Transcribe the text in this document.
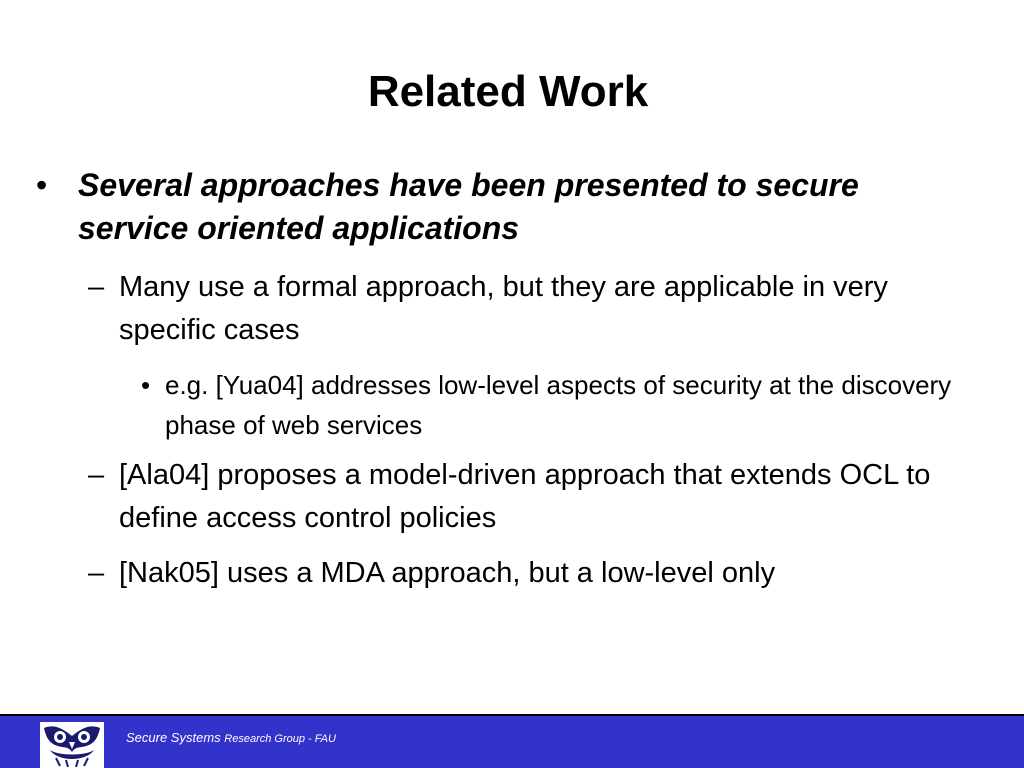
Related Work
• Several approaches have been presented to secure service oriented applications
– Many use a formal approach, but they are applicable in very specific cases
• e.g. [Yua04] addresses low-level aspects of security at the discovery phase of web services
– [Ala04] proposes a model-driven approach that extends OCL to define access control policies
– [Nak05] uses a MDA approach, but a low-level only
Secure Systems Research Group - FAU
